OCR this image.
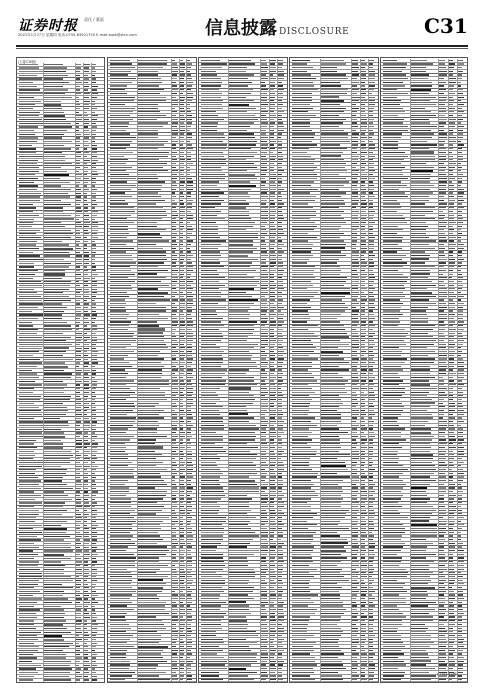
证券时报 责任 / 董晨
2021年1月27日 星期四 电话:0755-83501750 E-mail:zqsb@stcn.com	信息披露 DISCLOSURE	C31
(上接C30版)
(下转C32版)
